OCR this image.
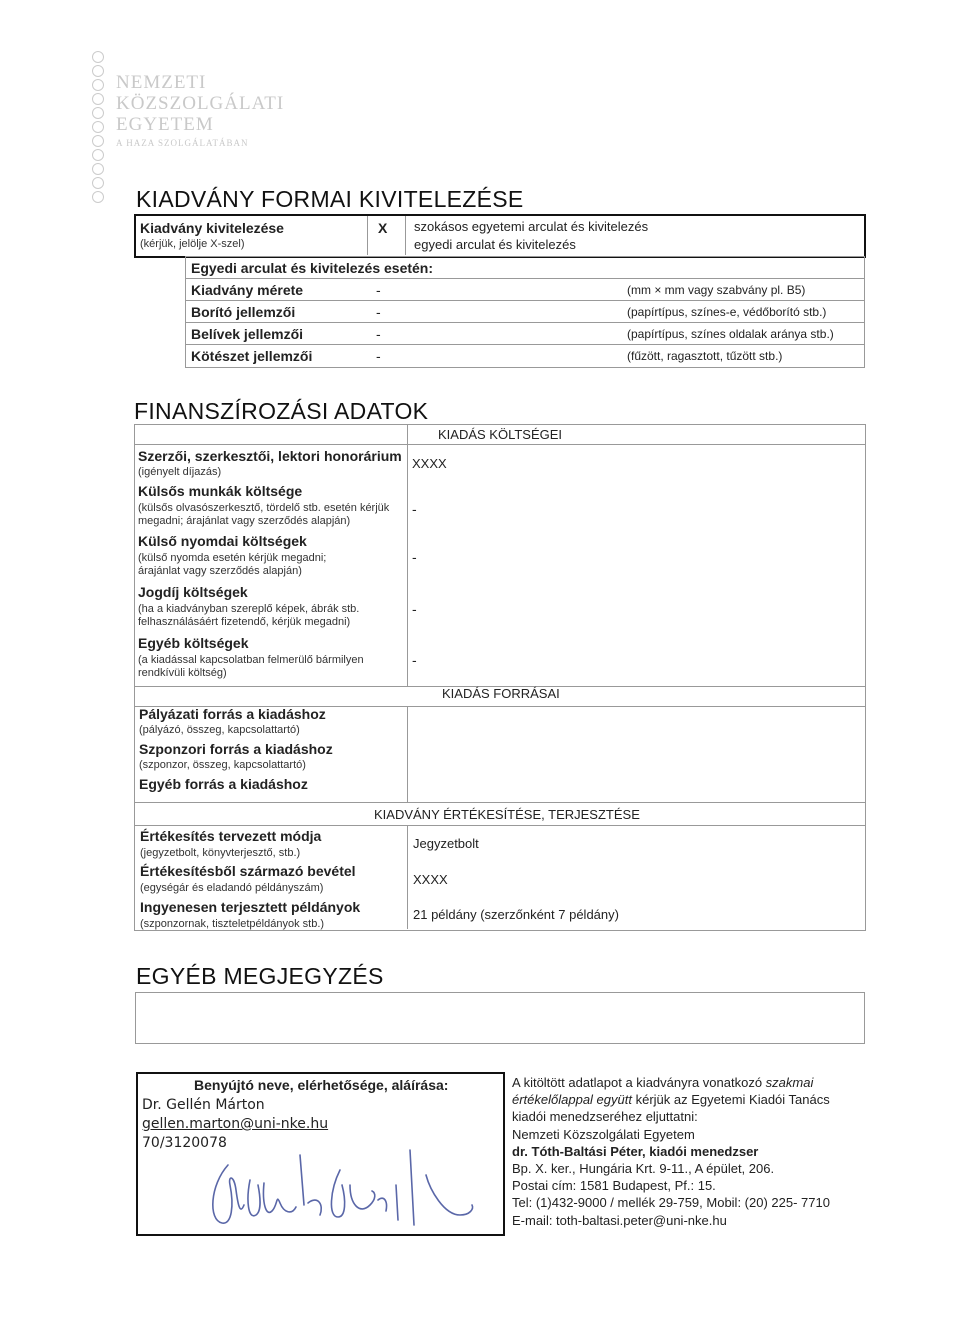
NEMZETI
KÖZSZOLGÁLATI
EGYETEM
A HAZA SZOLGÁLATÁBAN
KIADVÁNY FORMAI KIVITELEZÉSE
Kiadvány kivitelezése
(kérjük, jelölje X-szel)
X szokásos egyetemi arculat és kivitelezés
egyedi arculat és kivitelezés
Egyedi arculat és kivitelezés esetén:
Kiadvány mérete	-	(mm × mm vagy szabvány pl. B5)
Borító jellemzői	-	(papírtípus, színes-e, védőborító stb.)
Belívek jellemzői	-	(papírtípus, színes oldalak aránya stb.)
Kötészet jellemzői	-	(fűzött, ragasztott, tűzött stb.)
FINANSZÍROZÁSI ADATOK
KIADÁS KÖLTSÉGEI
Szerzői, szerkesztői, lektori honorárium
(igényelt díjazás)
XXXX
Külsős munkák költsége
(külsős olvasószerkesztő, tördelő stb. esetén kérjük megadni; árajánlat vagy szerződés alapján)
-
Külső nyomdai költségek
(külső nyomda esetén kérjük megadni; árajánlat vagy szerződés alapján)
-
Jogdíj költségek
(ha a kiadványban szereplő képek, ábrák stb. felhasználásáért fizetendő, kérjük megadni)
-
Egyéb költségek
(a kiadással kapcsolatban felmerülő bármilyen rendkívüli költség)
-
KIADÁS FORRÁSAI
Pályázati forrás a kiadáshoz
(pályázó, összeg, kapcsolattartó)
Szponzori forrás a kiadáshoz
(szponzor, összeg, kapcsolattartó)
Egyéb forrás a kiadáshoz
KIADVÁNY ÉRTÉKESÍTÉSE, TERJESZTÉSE
Értékesítés tervezett módja
(jegyzetbolt, könyvterjesztő, stb.)
Jegyzetbolt
Értékesítésből származó bevétel
(egységár és eladandó példányszám)
XXXX
Ingyenesen terjesztett példányok
(szponzornak, tiszteletpéldányok stb.)
21 példány (szerzőnként 7 példány)
EGYÉB MEGJEGYZÉS
Benyújtó neve, elérhetősége, aláírása:
Dr. Gellén Márton
gellen.marton@uni-nke.hu
70/3120078
A kitöltött adatlapot a kiadványra vonatkozó szakmai
értékelőlappal együtt kérjük az Egyetemi Kiadói Tanács
kiadói menedzseréhez eljuttatni:
Nemzeti Közszolgálati Egyetem
dr. Tóth-Baltási Péter, kiadói menedzser
Bp. X. ker., Hungária Krt. 9-11., A épület, 206.
Postai cím: 1581 Budapest, Pf.: 15.
Tel: (1)432-9000 / mellék 29-759, Mobil: (20) 225- 7710
E-mail: toth-baltasi.peter@uni-nke.hu
